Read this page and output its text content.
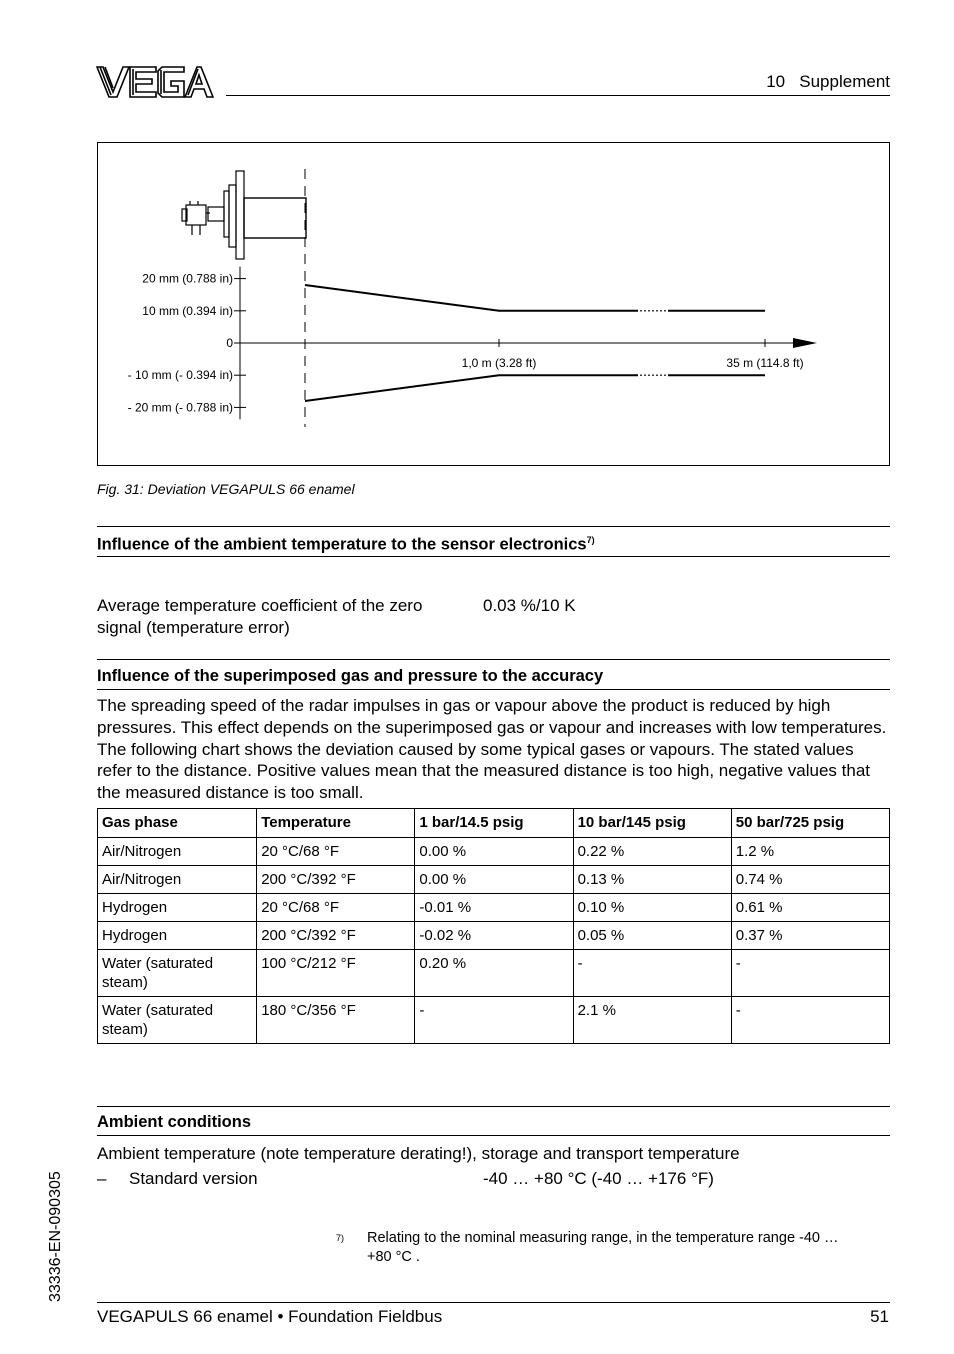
10   Supplement
20 mm (0.788 in)
10 mm (0.394 in)
0
- 10 mm (- 0.394 in)
- 20 mm (- 0.788 in)
1,0 m (3.28 ft)	35 m (114.8 ft)
Fig. 31: Deviation VEGAPULS 66 enamel
Influence of the ambient temperature to the sensor electronics$^{7)}$
Average temperature coefficient of the zero signal (temperature error)
0.03 %/10 K
Influence of the superimposed gas and pressure to the accuracy
The spreading speed of the radar impulses in gas or vapour above the product is reduced by high pressures. This effect depends on the superimposed gas or vapour and increases with low temperatures. The following chart shows the deviation caused by some typical gases or vapours. The stated values refer to the distance. Positive values mean that the measured distance is too high, negative values that the measured distance is too small.
Gas phase	Temperature	1 bar/14.5 psig	10 bar/145 psig	50 bar/725 psig
Air/Nitrogen	20 °C/68 °F	0.00 %	0.22 %	1.2 %
Air/Nitrogen	200 °C/392 °F	0.00 %	0.13 %	0.74 %
Hydrogen	20 °C/68 °F	-0.01 %	0.10 %	0.61 %
Hydrogen	200 °C/392 °F	-0.02 %	0.05 %	0.37 %
Water (saturated steam)	100 °C/212 °F	0.20 %	-	-
Water (saturated steam)	180 °C/356 °F	-	2.1 %	-
Ambient conditions
Ambient temperature (note temperature derating!), storage and transport temperature
– Standard version	-40 … +80 °C (-40 … +176 °F)
7) Relating to the nominal measuring range, in the temperature range -40 … +80 °C .
33336-EN-090305
VEGAPULS 66 enamel • Foundation Fieldbus	51
